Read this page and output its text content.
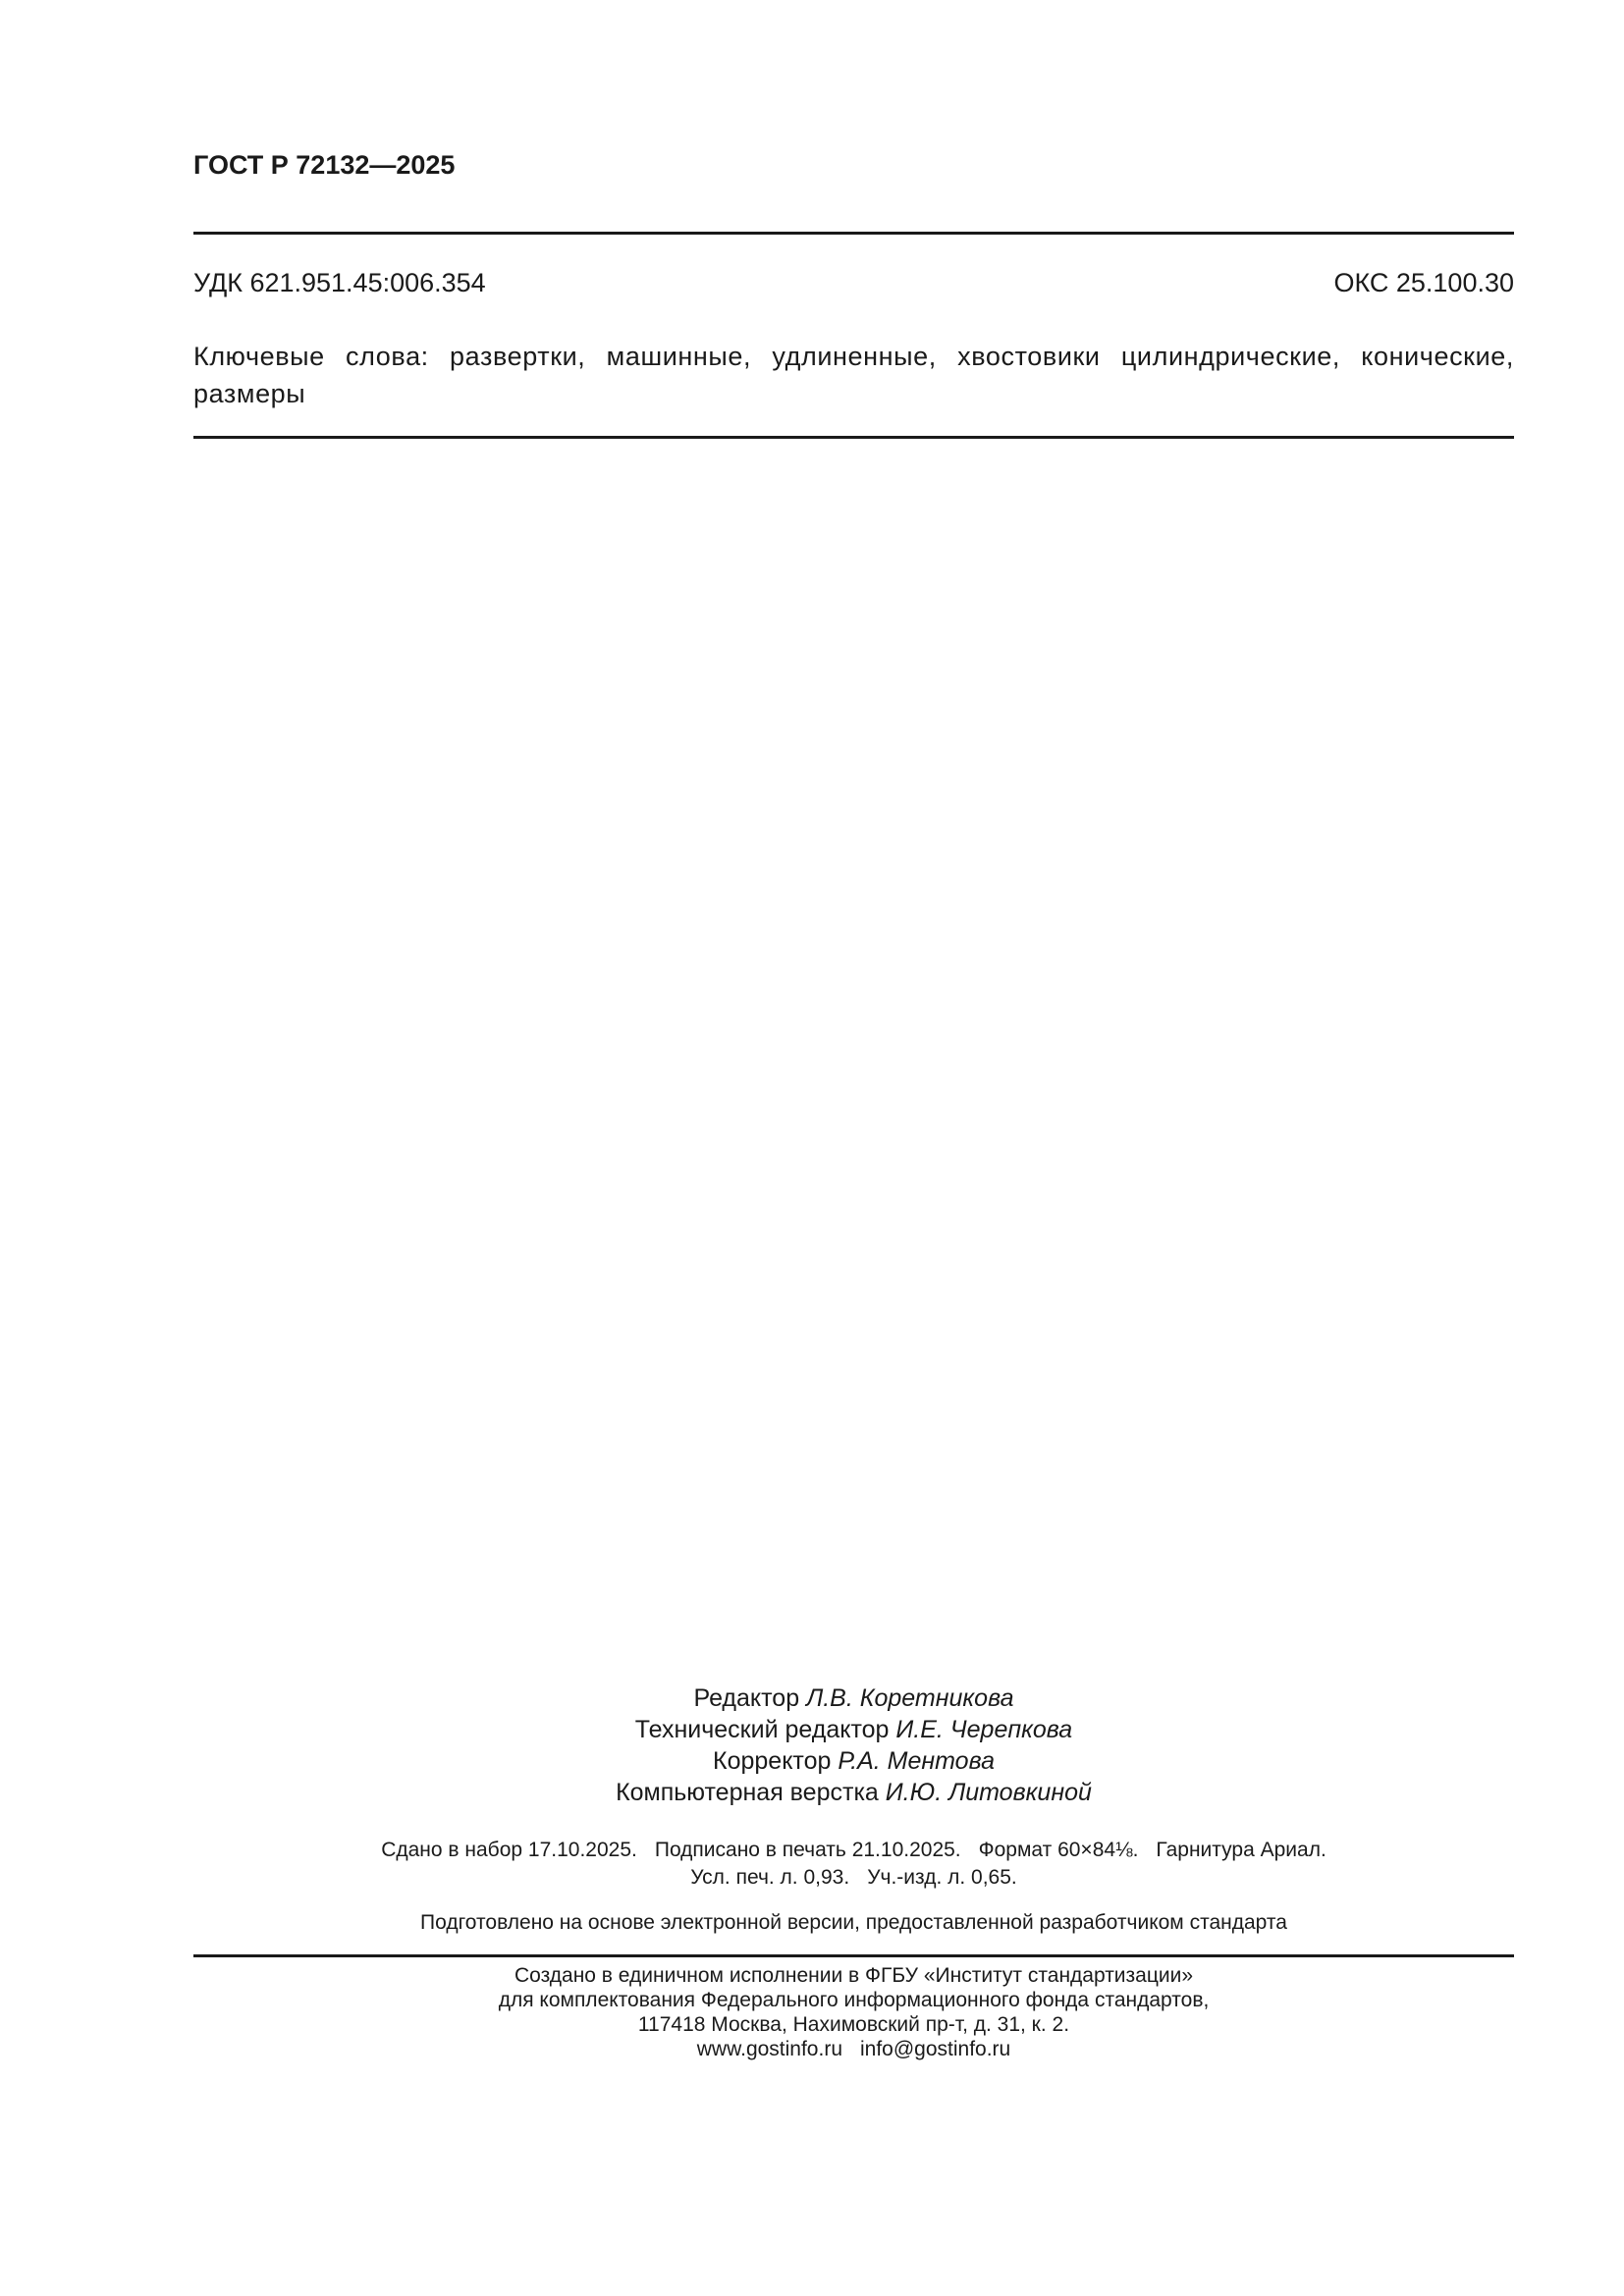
ГОСТ Р 72132—2025

УДК 621.951.45:006.354	ОКС 25.100.30

Ключевые слова: развертки, машинные, удлиненные, хвостовики цилиндрические, конические, размеры

Редактор Л.В. Коретникова
Технический редактор И.Е. Черепкова
Корректор Р.А. Ментова
Компьютерная верстка И.Ю. Литовкиной
Сдано в набор 17.10.2025. Подписано в печать 21.10.2025. Формат 60×84⅛. Гарнитура Ариал.
Усл. печ. л. 0,93. Уч.-изд. л. 0,65.
Подготовлено на основе электронной версии, предоставленной разработчиком стандарта
Создано в единичном исполнении в ФГБУ «Институт стандартизации»
для комплектования Федерального информационного фонда стандартов,
117418 Москва, Нахимовский пр-т, д. 31, к. 2.
www.gostinfo.ru info@gostinfo.ru
